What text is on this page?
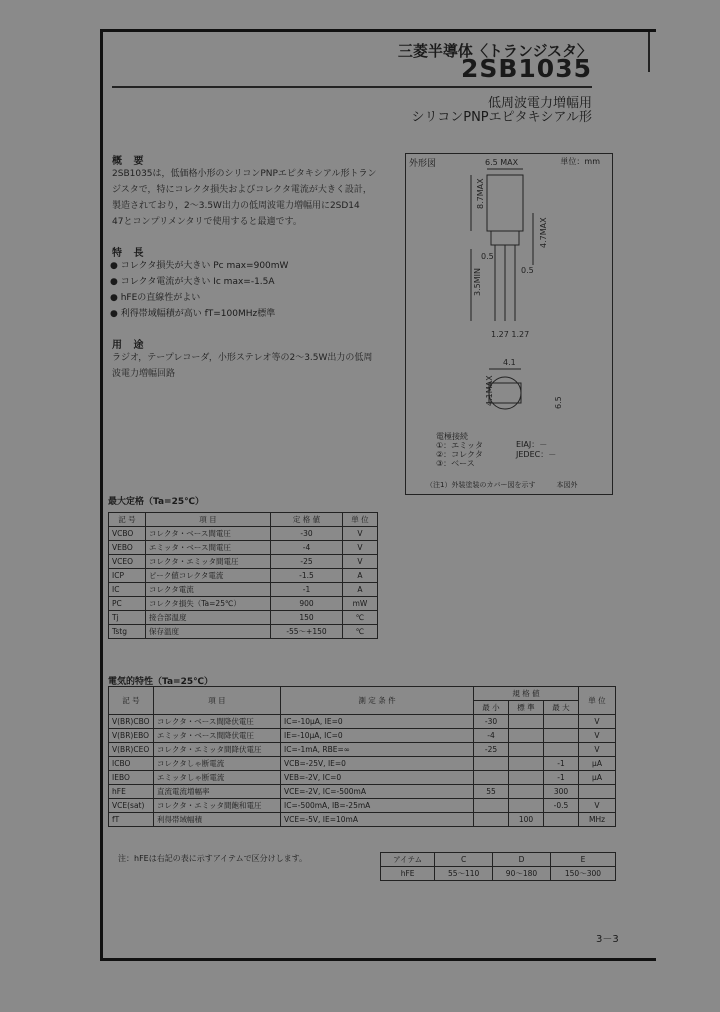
三菱半導体〈トランジスタ〉
2SB1035
低周波電力増幅用
シリコンPNPエピタキシアル形
概 要
2SB1035は，低価格小形のシリコンPNPエピタキシアル形トラン
ジスタで，特にコレクタ損失およびコレクタ電流が大きく設計，
製造されており，2～3.5W出力の低周波電力増幅用に2SD14
47とコンプリメンタリで使用すると最適です。
特 長
● コレクタ損失が大きい Pc max=900mW
● コレクタ電流が大きい Ic max=-1.5A
● hFEの直線性がよい
● 利得帯域幅積が高い fT=100MHz標準
用 途
ラジオ，テープレコーダ，小形ステレオ等の2～3.5W出力の低周
波電力増幅回路
外形図	単位：mm
電極接続
①：エミッタ
②：コレクタ
③：ベース
EIAJ：－
JEDEC：－
（注1）外装塗装のカバー図を示す　　　本図外
6.5 MAX
8.7MAX
4.7MAX
3.5MIN
0.5
0.5
1.27 1.27
4.1
4.1MAX	6.5
最大定格（Ta=25℃）
記 号	項 目	定 格 値	単 位
VCBO	コレクタ・ベース間電圧	-30	V
VEBO	エミッタ・ベース間電圧	-4	V
VCEO	コレクタ・エミッタ間電圧	-25	V
ICP	ピーク値コレクタ電流	-1.5	A
IC	コレクタ電流	-1	A
PC	コレクタ損失（Ta=25℃）	900	mW
Tj	接合部温度	150	℃
Tstg	保存温度	-55～+150	℃
電気的特性（Ta=25℃）
記 号	項 目	測 定 条 件	規 格 値			単 位
			最 小	標 準	最 大	
V(BR)CBO	コレクタ・ベース間降伏電圧	IC=-10μA, IE=0	-30			V
V(BR)EBO	エミッタ・ベース間降伏電圧	IE=-10μA, IC=0	-4			V
V(BR)CEO	コレクタ・エミッタ間降伏電圧	IC=-1mA, RBE=∞	-25			V
ICBO	コレクタしゃ断電流	VCB=-25V, IE=0			-1	μA
IEBO	エミッタしゃ断電流	VEB=-2V, IC=0			-1	μA
hFE	直流電流増幅率	VCE=-2V, IC=-500mA	55		300	
VCE(sat)	コレクタ・エミッタ間飽和電圧	IC=-500mA, IB=-25mA			-0.5	V
fT	利得帯域幅積	VCE=-5V, IE=10mA		100		MHz
注：hFEは右記の表に示すアイテムで区分けします。	アイテム	C	D	E
hFE	55～110	90～180	150～300
3－3
